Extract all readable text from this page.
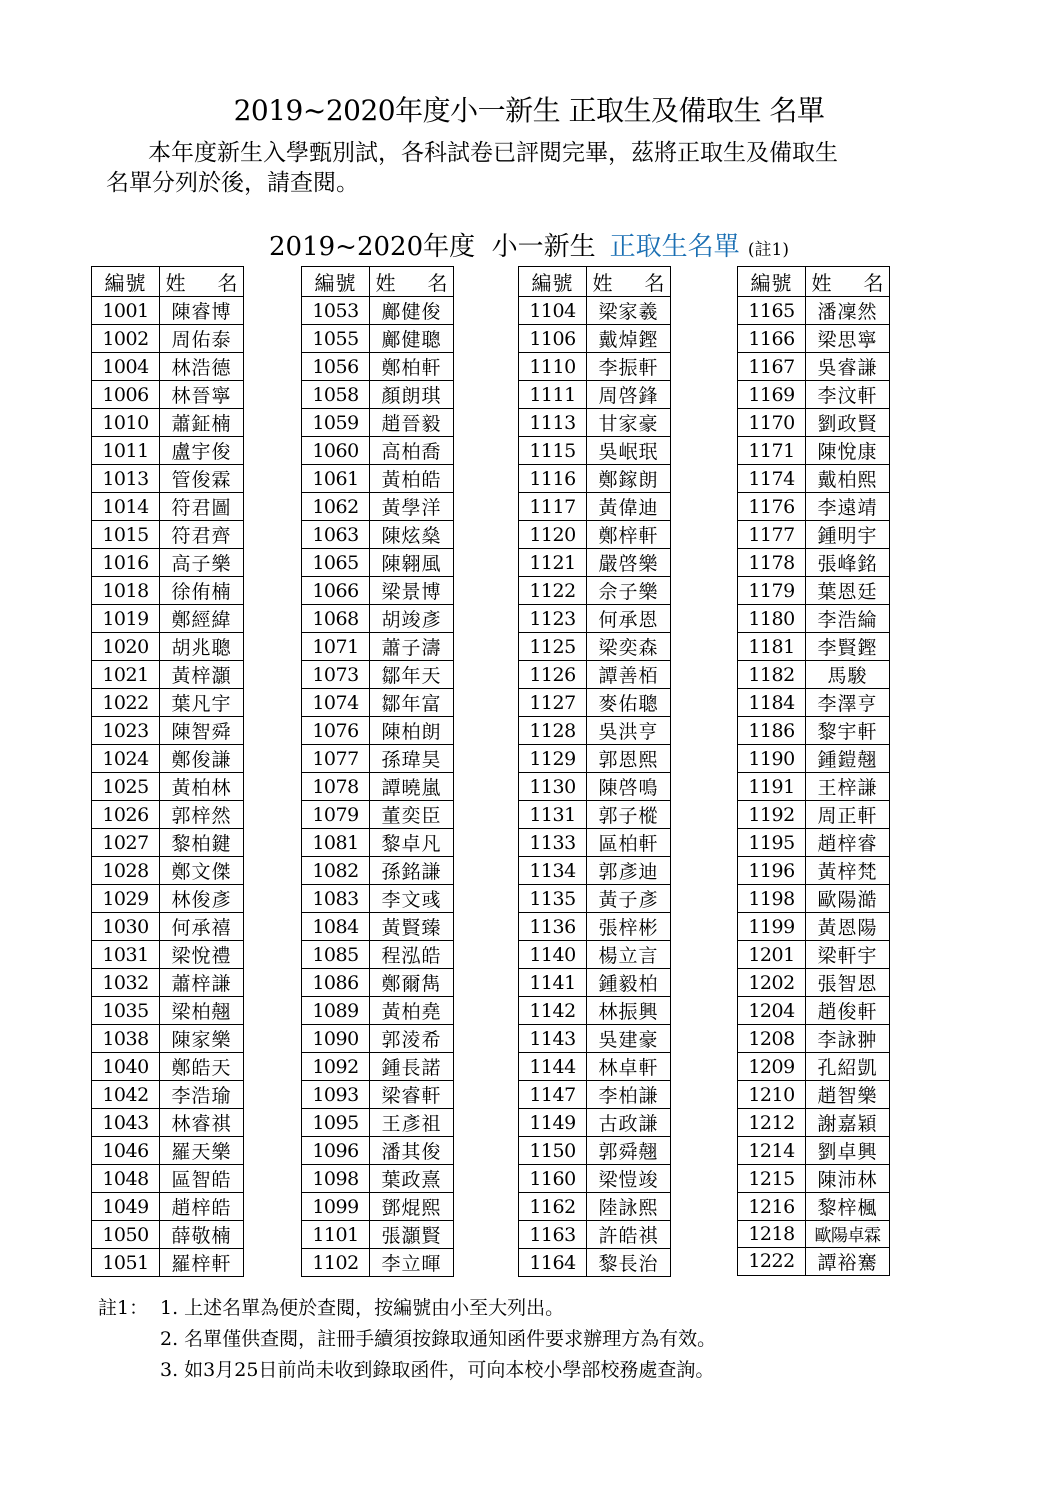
2019~2020年度小一新生 正取生及備取生 名單
本年度新生入學甄別試，各科試卷已評閱完畢，茲將正取生及備取生
名單分列於後，請查閱。
2019~2020年度  小一新生 正取生名單 (註1)
編號	姓 名
1001	陳睿博
1002	周佑泰
1004	林浩德
1006	林晉寧
1010	蕭鉦楠
1011	盧宇俊
1013	管俊霖
1014	符君圖
1015	符君齊
1016	高子樂
1018	徐侑楠
1019	鄭經緯
1020	胡兆聰
1021	黃梓灝
1022	葉凡宇
1023	陳智舜
1024	鄭俊謙
1025	黃柏林
1026	郭梓然
1027	黎柏鍵
1028	鄭文傑
1029	林俊彥
1030	何承禧
1031	梁悅禮
1032	蕭梓謙
1035	梁柏翹
1038	陳家樂
1040	鄭皓天
1042	李浩瑜
1043	林睿祺
1046	羅天樂
1048	區智皓
1049	趙梓皓
1050	薛敬楠
1051	羅梓軒
編號	姓 名
1053	鄺健俊
1055	鄺健聰
1056	鄭柏軒
1058	顏朗琪
1059	趙晉毅
1060	高柏喬
1061	黃柏皓
1062	黃學洋
1063	陳炫燊
1065	陳翱風
1066	梁景博
1068	胡竣彥
1071	蕭子濤
1073	鄒年天
1074	鄒年富
1076	陳柏朗
1077	孫瑋昊
1078	譚曉嵐
1079	董奕臣
1081	黎卓凡
1082	孫銘謙
1083	李文彧
1084	黃賢臻
1085	程泓皓
1086	鄭爾雋
1089	黃柏堯
1090	郭淩希
1092	鍾長諾
1093	梁睿軒
1095	王彥祖
1096	潘其俊
1098	葉政熹
1099	鄧焜熙
1101	張灝賢
1102	李立暉
編號	姓 名
1104	梁家羲
1106	戴焯鏗
1110	李振軒
1111	周啓鋒
1113	甘家豪
1115	吳岷珉
1116	鄭鎵朗
1117	黃偉迪
1120	鄭梓軒
1121	嚴啓樂
1122	佘子樂
1123	何承恩
1125	梁奕森
1126	譚善栢
1127	麥佑聰
1128	吳洪亨
1129	郭恩熙
1130	陳啓鳴
1131	郭子樅
1133	區柏軒
1134	郭彥迪
1135	黃子彥
1136	張梓彬
1140	楊立言
1141	鍾毅柏
1142	林振興
1143	吳建豪
1144	林卓軒
1147	李柏謙
1149	古政謙
1150	郭舜翹
1160	梁愷竣
1162	陸詠熙
1163	許皓祺
1164	黎長治
編號	姓 名
1165	潘凜然
1166	梁思寧
1167	吳睿謙
1169	李汶軒
1170	劉政賢
1171	陳悅康
1174	戴柏熙
1176	李遠靖
1177	鍾明宇
1178	張峰銘
1179	葉恩廷
1180	李浩綸
1181	李賢鏗
1182	馬駿
1184	李澤亨
1186	黎宇軒
1190	鍾鎧翹
1191	王梓謙
1192	周正軒
1195	趙梓睿
1196	黃梓梵
1198	歐陽澔
1199	黃恩陽
1201	梁軒宇
1202	張智恩
1204	趙俊軒
1208	李詠翀
1209	孔紹凱
1210	趙智樂
1212	謝嘉穎
1214	劉卓興
1215	陳沛林
1216	黎梓楓
1218	歐陽卓霖
1222	譚裕騫
註1： 1. 上述名單為便於查閱，按編號由小至大列出。
2. 名單僅供查閱，註冊手續須按錄取通知函件要求辦理方為有效。
3. 如3月25日前尚未收到錄取函件，可向本校小學部校務處查詢。
